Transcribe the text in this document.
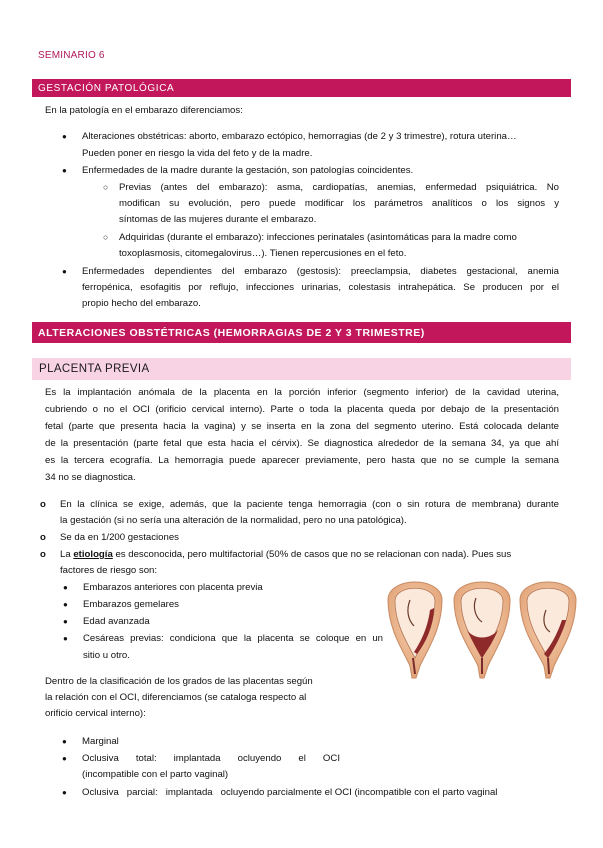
SEMINARIO 6
GESTACIÓN PATOLÓGICA
En la patología en el embarazo diferenciamos:
● Alteraciones obstétricas: aborto, embarazo ectópico, hemorragias (de 2 y 3 trimestre), rotura uterina…
Pueden poner en riesgo la vida del feto y de la madre.
● Enfermedades de la madre durante la gestación, son patologías coincidentes.
○ Previas (antes del embarazo): asma, cardiopatías, anemias, enfermedad psiquiátrica. No
modifican su evolución, pero puede modificar los parámetros analíticos o los signos y
síntomas de las mujeres durante el embarazo.
○ Adquiridas (durante el embarazo): infecciones perinatales (asintomáticas para la madre como
toxoplasmosis, citomegalovirus…). Tienen repercusiones en el feto.
● Enfermedades dependientes del embarazo (gestosis): preeclampsia, diabetes gestacional, anemia
ferropénica, esofagitis por reflujo, infecciones urinarias, colestasis intrahepática. Se producen por el
propio hecho del embarazo.
ALTERACIONES OBSTÉTRICAS (HEMORRAGIAS DE 2 Y 3 TRIMESTRE)
PLACENTA PREVIA
Es la implantación anómala de la placenta en la porción inferior (segmento inferior) de la cavidad uterina,
cubriendo o no el OCI (orificio cervical interno). Parte o toda la placenta queda por debajo de la presentación
fetal (parte que presenta hacia la vagina) y se inserta en la zona del segmento uterino. Está colocada delante
de la presentación (parte fetal que esta hacia el cérvix). Se diagnostica alrededor de la semana 34, ya que ahí
es la tercera ecografía. La hemorragia puede aparecer previamente, pero hasta que no se cumple la semana
34 no se diagnostica.
o En la clínica se exige, además, que la paciente tenga hemorragia (con o sin rotura de membrana) durante
la gestación (si no sería una alteración de la normalidad, pero no una patológica).
o Se da en 1/200 gestaciones
o La etiología es desconocida, pero multifactorial (50% de casos que no se relacionan con nada). Pues sus
factores de riesgo son:
● Embarazos anteriores con placenta previa
● Embarazos gemelares
● Edad avanzada
● Cesáreas previas: condiciona que la placenta se coloque en un
sitio u otro.
Dentro de la clasificación de los grados de las placentas según
la relación con el OCI, diferenciamos (se cataloga respecto al
orificio cervical interno):
● Marginal
● Oclusiva total: implantada ocluyendo el OCI
(incompatible con el parto vaginal)
● Oclusiva   parcial:   implantada   ocluyendo parcialmente el OCI (incompatible con el parto vaginal
